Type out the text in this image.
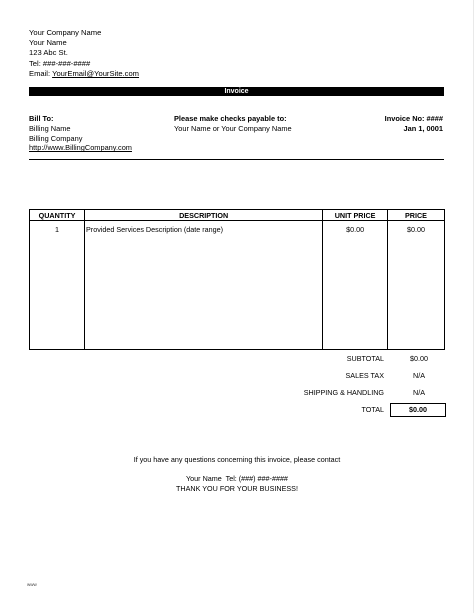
Your Company Name
Your Name
123 Abc St.
Tel: ###-###-####
Email: YourEmail@YourSite.com
Invoice
Bill To:
Billing Name
Billing Company
http://www.BillingCompany.com
Please make checks payable to:
Your Name or Your Company Name
Invoice No: ####
Jan 1, 0001
QUANTITY	DESCRIPTION	UNIT PRICE	PRICE
1	Provided Services Description (date range)	$0.00	$0.00
SUBTOTAL	$0.00
SALES TAX	N/A
SHIPPING & HANDLING	N/A
TOTAL	$0.00
If you have any questions concerning this invoice, please contact
Your Name  Tel: (###) ###-####
THANK YOU FOR YOUR BUSINESS!
www
